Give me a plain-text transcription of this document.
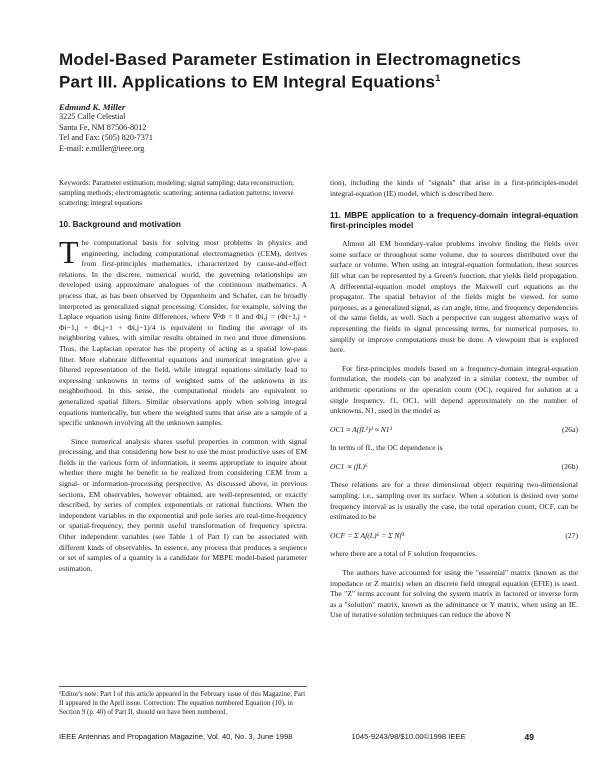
Model-Based Parameter Estimation in Electromagnetics
Part III. Applications to EM Integral Equations$^1$
Edmund K. Miller
3225 Calle Celestial
Santa Fe, NM 87506-8012
Tel and Fax: (505) 820-7371
E-mail: e.miller@ieee.org

Keywords: Parameter estimation; modeling; signal sampling; data reconstruction; sampling methods; electromagnetic scattering; antenna radiation patterns; inverse scattering; integral equations

10. Background and motivation

The computational basis for solving most problems in physics and engineering, including computational electromagnetics (CEM), derives from first-principles mathematics, characterized by cause-and-effect relations. In the discrete, numerical world, the governing relationships are developed using approximate analogues of the continuous mathematics. A process that, as has been observed by Oppenheim and Schafer, can be broadly interpreted as generalized signal processing. Consider, for example, solving the Laplace equation using finite differences, where ∇²Φ = 0 and Φi,j = (Φi+1,j + Φi−1,j + Φi,j+1 + Φi,j−1)/4 is equivalent to finding the average of its neighboring values, with similar results obtained in two and three dimensions. Thus, the Laplacian operator has the property of acting as a spatial low-pass filter. More elaborate differential equations and numerical integration give a filtered representation of the field, while integral equations similarly lead to expressing unknowns in terms of weighted sums of the unknowns in its neighborhood. In this sense, the computational models are equivalent to generalized spatial filters. Similar observations apply when solving integral equations numerically, but where the weighted sums that arise are a sample of a specific unknown involving all the unknown samples.

Since numerical analysis shares useful properties in common with signal processing, and that considering how best to use the most productive uses of EM fields in the various form of information, it seems appropriate to inquire about whether there might be benefit to be realized from considering CEM from a signal- or information-processing perspective. As discussed above, in previous sections, EM observables, however obtained, are well-represented, or exactly described, by series of complex exponentials or rational functions. When the independent variables in the exponential and pole series are real-time-frequency or spatial-frequency, they permit useful transformation of frequency spectra. Other independent variables (see Table 1 of Part I) can be associated with different kinds of observables. In essence, any process that produces a sequence or set of samples of a quantity is a candidate for MBPE model-based parameter estimation.

¹Editor's note: Part I of this article appeared in the February issue of this Magazine; Part II appeared in the April issue. Correction: The equation numbered Equation (10), in Section 9 (p. 40) of Part II, should not have been numbered.

tion), including the kinds of "signals" that arise in a first-principles-model integral-equation (IE) model, which is described here.

11. MBPE application to a frequency-domain integral-equation first-principles model

Almost all EM boundary-value problems involve finding the fields over some surface or throughout some volume, due to sources distributed over the surface or volume. When using an integral-equation formulation, these sources fill what can be represented by a Green's function, that yields field propagation. A differential-equation model employs the Maxwell curl equations as the propagator. The spatial behavior of the fields might be viewed, for some purposes, as a generalized signal, as can angle, time, and frequency dependencies of the same fields, as well. Such a perspective can suggest alternative ways of representing the fields in signal processing terms, for numerical purposes, to simplify or improve computations must be done. A viewpoint that is explored here.

For first-principles models based on a frequency-domain integral-equation formulation, the models can be analyzed in a similar context, the number of arithmetic operations or the operation count (OC), required for solution at a single frequency, f1, OC1, will depend approximately on the number of unknowns, N1, used in the model as

OC1 ≈ A(fL²)³ ≈ N1³	(26a)

In terms of fL, the OC dependence is

OC1 ∝ (fL)⁶	(26b)

These relations are for a three dimensional object requiring two-dimensional sampling, i.e., sampling over its surface. When a solution is desired over some frequency interval as is usually the case, the total operation count, OCF, can be estimated to be

OCF = Σ Af(L)⁶ = Σ Nf³	(27)

where there are a total of F solution frequencies.

The authors have accounted for using the "essential" matrix (known as the impedance or Z matrix) when an discrete field integral equation (EFIE) is used. The "Z" terms account for solving the system matrix in factored or inverse form as a "solution" matrix, known as the admittance or Y matrix, when using an IE. Use of iterative solution techniques can reduce the above N

IEEE Antennas and Propagation Magazine, Vol. 40, No. 3, June 1998	1045-9243/98/$10.00©1998 IEEE	49
